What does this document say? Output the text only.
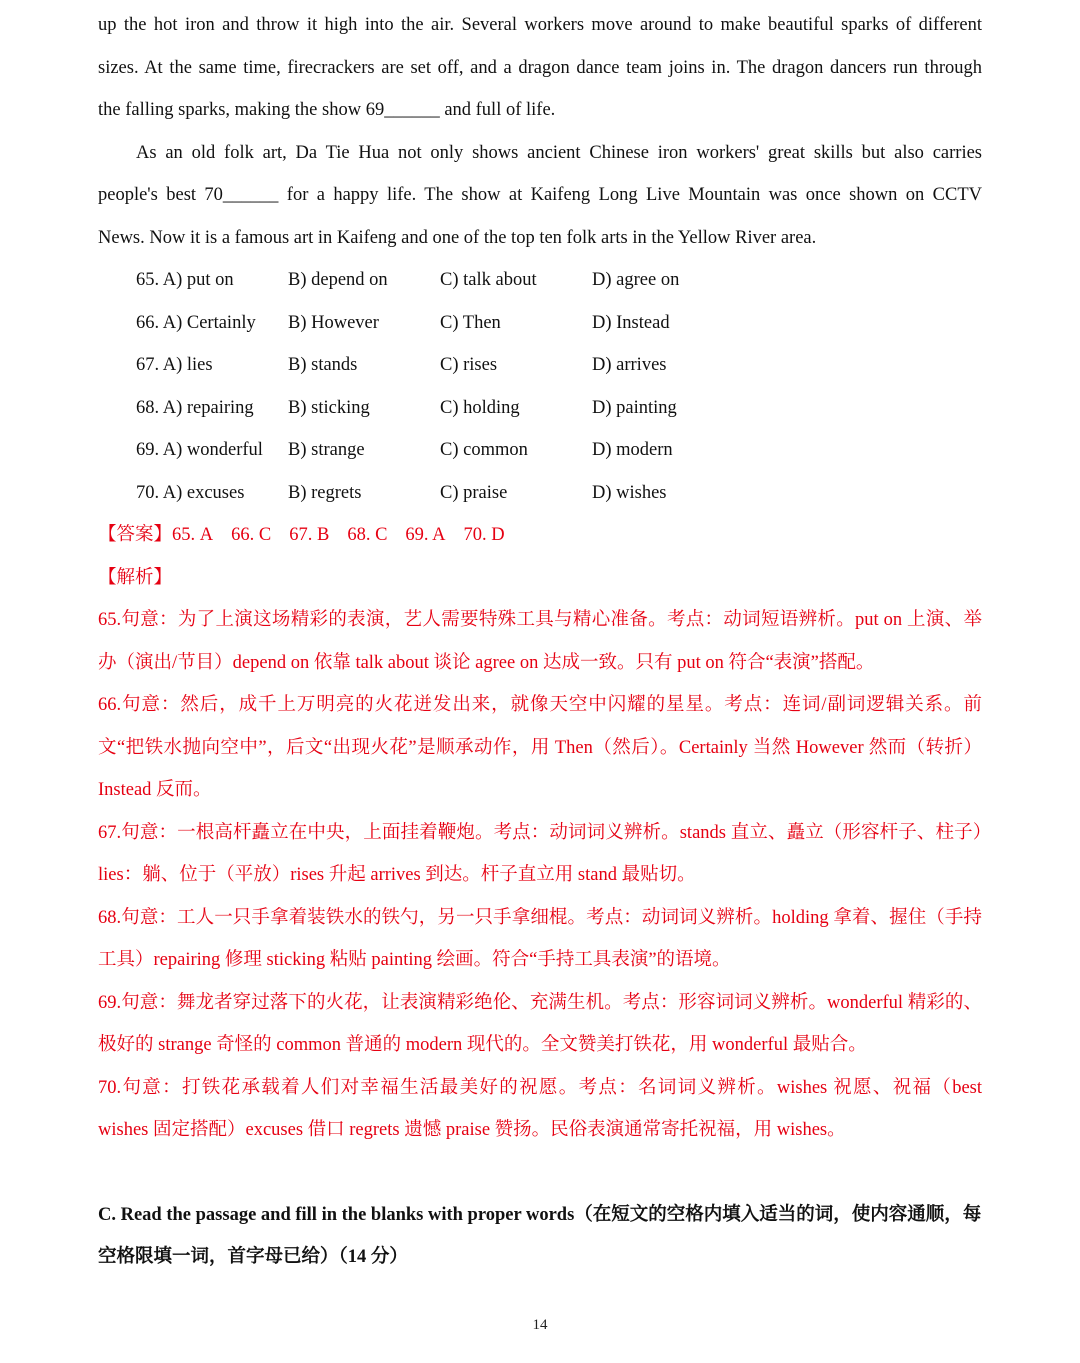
up the hot iron and throw it high into the air. Several workers move around to make beautiful sparks of different
sizes. At the same time, firecrackers are set off, and a dragon dance team joins in. The dragon dancers run through
the falling sparks, making the show 69______ and full of life.
As an old folk art, Da Tie Hua not only shows ancient Chinese iron workers' great skills but also carries
people's best 70______ for a happy life. The show at Kaifeng Long Live Mountain was once shown on CCTV
News. Now it is a famous art in Kaifeng and one of the top ten folk arts in the Yellow River area.
65. A) put on	B) depend on	C) talk about	D) agree on
66. A) Certainly	B) However	C) Then	D) Instead
67. A) lies	B) stands	C) rises	D) arrives
68. A) repairing	B) sticking	C) holding	D) painting
69. A) wonderful	B) strange	C) common	D) modern
70. A) excuses	B) regrets	C) praise	D) wishes
【答案】65. A 66. C 67. B 68. C 69. A 70. D
【解析】
65.句意：为了上演这场精彩的表演，艺人需要特殊工具与精心准备。考点：动词短语辨析。put on 上演、举办（演出/节目）depend on 依靠 talk about 谈论 agree on 达成一致。只有 put on 符合“表演”搭配。
66.句意：然后，成千上万明亮的火花迸发出来，就像天空中闪耀的星星。考点：连词/副词逻辑关系。前文“把铁水抛向空中”，后文“出现火花”是顺承动作，用 Then（然后）。Certainly 当然 However 然而（转折）Instead 反而。
67.句意：一根高杆矗立在中央，上面挂着鞭炮。考点：动词词义辨析。stands 直立、矗立（形容杆子、柱子）lies：躺、位于（平放）rises 升起 arrives 到达。杆子直立用 stand 最贴切。
68.句意：工人一只手拿着装铁水的铁勺，另一只手拿细棍。考点：动词词义辨析。holding 拿着、握住（手持工具）repairing 修理 sticking 粘贴 painting 绘画。符合“手持工具表演”的语境。
69.句意：舞龙者穿过落下的火花，让表演精彩绝伦、充满生机。考点：形容词词义辨析。wonderful 精彩的、极好的 strange 奇怪的 common 普通的 modern 现代的。全文赞美打铁花，用 wonderful 最贴合。
70.句意：打铁花承载着人们对幸福生活最美好的祝愿。考点：名词词义辨析。wishes 祝愿、祝福（best wishes 固定搭配）excuses 借口 regrets 遗憾 praise 赞扬。民俗表演通常寄托祝福，用 wishes。
C. Read the passage and fill in the blanks with proper words（在短文的空格内填入适当的词，使内容通顺，每空格限填一词，首字母已给）（14 分）
14
